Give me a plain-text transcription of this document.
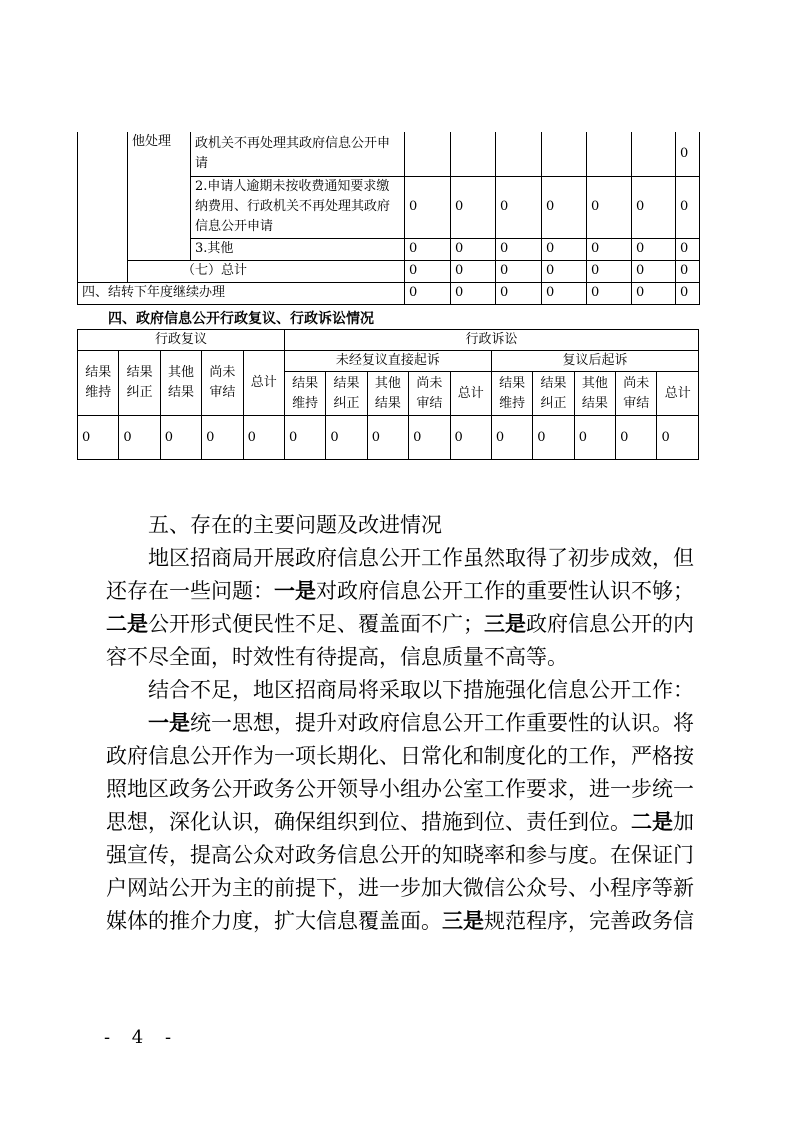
	他处理	政机关不再处理其政府信息公开申请							0
		2.申请人逾期未按收费通知要求缴纳费用、行政机关不再处理其政府信息公开申请	0	0	0	0	0	0	0
		3.其他	0	0	0	0	0	0	0
	（七）总计		0	0	0	0	0	0	0
四、结转下年度继续办理			0	0	0	0	0	0	0
四、政府信息公开行政复议、行政诉讼情况
行政复议					行政诉讼									
结果维持	结果纠正	其他结果	尚未审结	总计	未经复议直接起诉					复议后起诉				
					结果维持	结果纠正	其他结果	尚未审结	总计	结果维持	结果纠正	其他结果	尚未审结	总计
0	0	0	0	0	0	0	0	0	0	0	0	0	0	0

五、存在的主要问题及改进情况

地区招商局开展政府信息公开工作虽然取得了初步成效，但还存在一些问题：一是对政府信息公开工作的重要性认识不够；二是公开形式便民性不足、覆盖面不广；三是政府信息公开的内容不尽全面，时效性有待提高，信息质量不高等。

结合不足，地区招商局将采取以下措施强化信息公开工作：

一是统一思想，提升对政府信息公开工作重要性的认识。将政府信息公开作为一项长期化、日常化和制度化的工作，严格按照地区政务公开政务公开领导小组办公室工作要求，进一步统一思想，深化认识，确保组织到位、措施到位、责任到位。二是加强宣传，提高公众对政务信息公开的知晓率和参与度。在保证门户网站公开为主的前提下，进一步加大微信公众号、小程序等新媒体的推介力度，扩大信息覆盖面。三是规范程序，完善政务信

- 4 -
